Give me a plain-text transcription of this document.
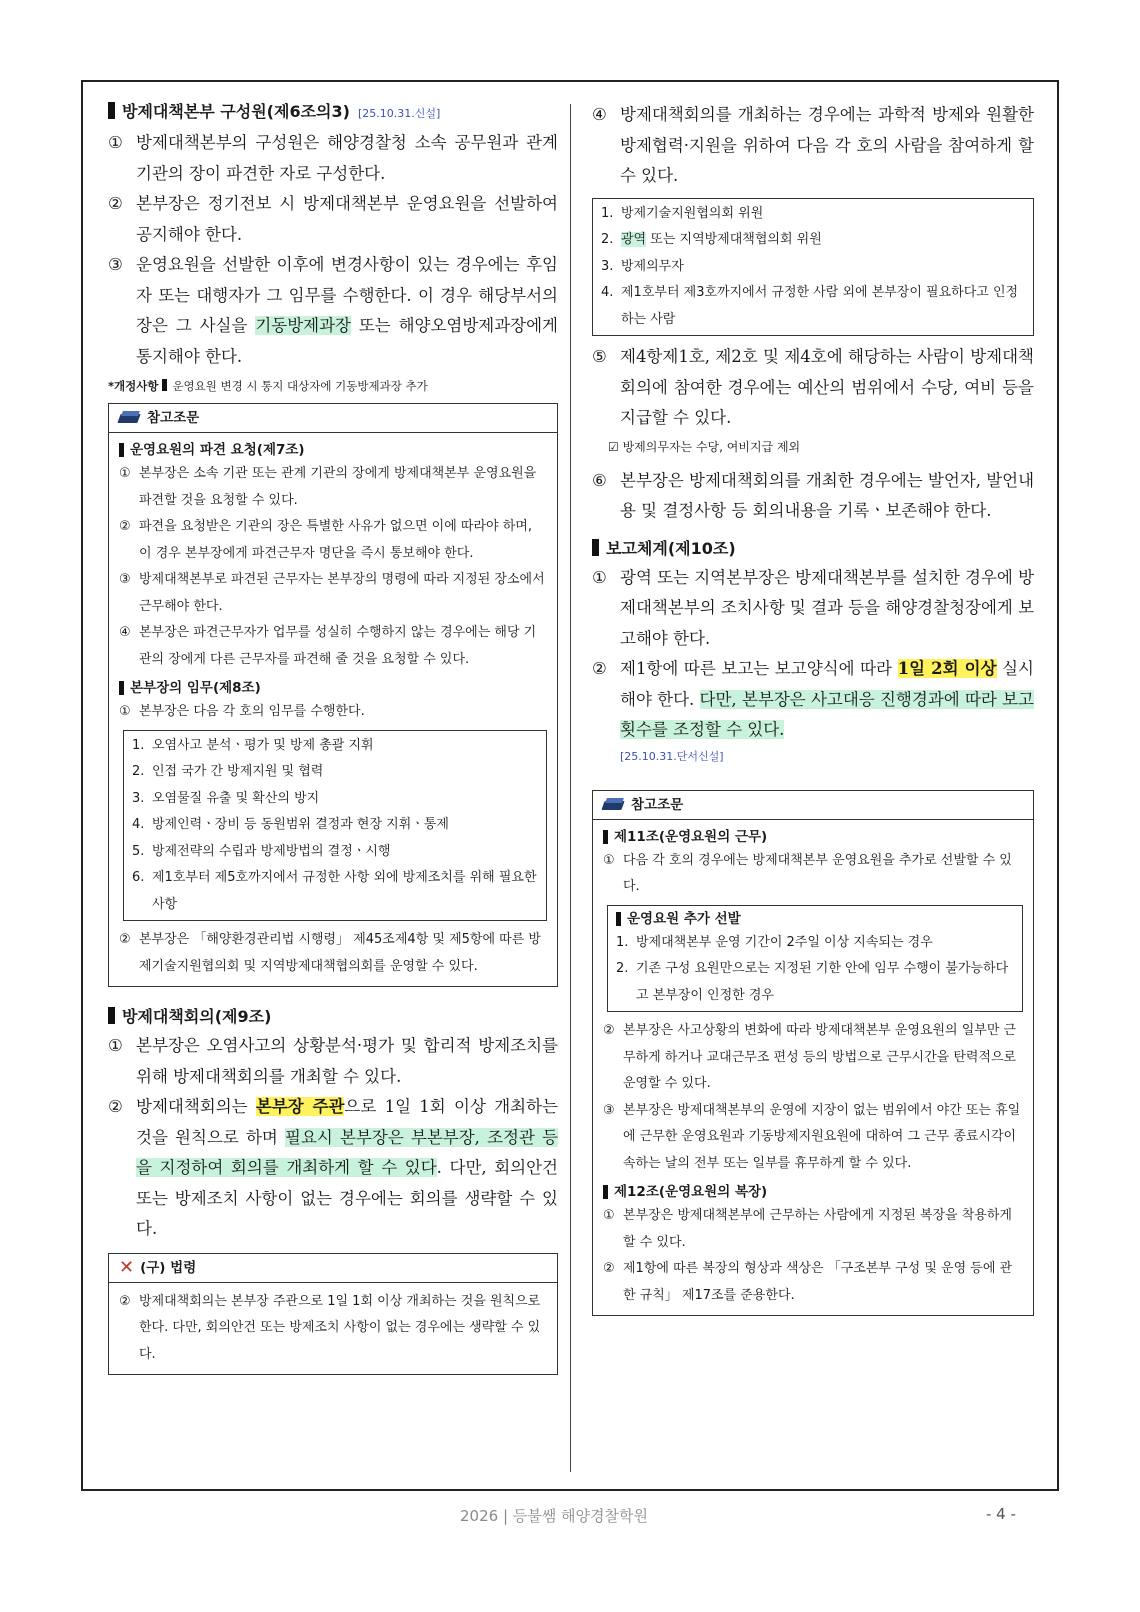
방제대책본부 구성원(제6조의3) [25.10.31.신설]
① 방제대책본부의 구성원은 해양경찰청 소속 공무원과 관계기관의 장이 파견한 자로 구성한다.
② 본부장은 정기전보 시 방제대책본부 운영요원을 선발하여 공지해야 한다.
③ 운영요원을 선발한 이후에 변경사항이 있는 경우에는 후임자 또는 대행자가 그 임무를 수행한다. 이 경우 해당부서의 장은 그 사실을 기동방제과장 또는 해양오염방제과장에게 통지해야 한다.
*개정사항 운영요원 변경 시 통지 대상자에 기동방제과장 추가
참고조문
운영요원의 파견 요청(제7조)
① 본부장은 소속 기관 또는 관계 기관의 장에게 방제대책본부 운영요원을 파견할 것을 요청할 수 있다.
② 파견을 요청받은 기관의 장은 특별한 사유가 없으면 이에 따라야 하며, 이 경우 본부장에게 파견근무자 명단을 즉시 통보해야 한다.
③ 방제대책본부로 파견된 근무자는 본부장의 명령에 따라 지정된 장소에서 근무해야 한다.
④ 본부장은 파견근무자가 업무를 성실히 수행하지 않는 경우에는 해당 기관의 장에게 다른 근무자를 파견해 줄 것을 요청할 수 있다.
본부장의 임무(제8조)
① 본부장은 다음 각 호의 임무를 수행한다.
1. 오염사고 분석ㆍ평가 및 방제 총괄 지휘
2. 인접 국가 간 방제지원 및 협력
3. 오염물질 유출 및 확산의 방지
4. 방제인력ㆍ장비 등 동원범위 결정과 현장 지휘ㆍ통제
5. 방제전략의 수립과 방제방법의 결정ㆍ시행
6. 제1호부터 제5호까지에서 규정한 사항 외에 방제조치를 위해 필요한 사항
② 본부장은 「해양환경관리법 시행령」 제45조제4항 및 제5항에 따른 방제기술지원협의회 및 지역방제대책협의회를 운영할 수 있다.
방제대책회의(제9조)
① 본부장은 오염사고의 상황분석·평가 및 합리적 방제조치를 위해 방제대책회의를 개최할 수 있다.
② 방제대책회의는 본부장 주관으로 1일 1회 이상 개최하는 것을 원칙으로 하며 필요시 본부장은 부본부장, 조정관 등을 지정하여 회의를 개최하게 할 수 있다. 다만, 회의안건 또는 방제조치 사항이 없는 경우에는 회의를 생략할 수 있다.
✕ (구) 법령
② 방제대책회의는 본부장 주관으로 1일 1회 이상 개최하는 것을 원칙으로 한다. 다만, 회의안건 또는 방제조치 사항이 없는 경우에는 생략할 수 있다.
④ 방제대책회의를 개최하는 경우에는 과학적 방제와 원활한 방제협력·지원을 위하여 다음 각 호의 사람을 참여하게 할 수 있다.
1. 방제기술지원협의회 위원
2. 광역 또는 지역방제대책협의회 위원
3. 방제의무자
4. 제1호부터 제3호까지에서 규정한 사람 외에 본부장이 필요하다고 인정하는 사람
⑤ 제4항제1호, 제2호 및 제4호에 해당하는 사람이 방제대책회의에 참여한 경우에는 예산의 범위에서 수당, 여비 등을 지급할 수 있다.
☑ 방제의무자는 수당, 여비지급 제외
⑥ 본부장은 방제대책회의를 개최한 경우에는 발언자, 발언내용 및 결정사항 등 회의내용을 기록ㆍ보존해야 한다.
보고체계(제10조)
① 광역 또는 지역본부장은 방제대책본부를 설치한 경우에 방제대책본부의 조치사항 및 결과 등을 해양경찰청장에게 보고해야 한다.
② 제1항에 따른 보고는 보고양식에 따라 1일 2회 이상 실시해야 한다. 다만, 본부장은 사고대응 진행경과에 따라 보고 횟수를 조정할 수 있다.
[25.10.31.단서신설]
참고조문
제11조(운영요원의 근무)
① 다음 각 호의 경우에는 방제대책본부 운영요원을 추가로 선발할 수 있다.
운영요원 추가 선발
1. 방제대책본부 운영 기간이 2주일 이상 지속되는 경우
2. 기존 구성 요원만으로는 지정된 기한 안에 임무 수행이 불가능하다고 본부장이 인정한 경우
② 본부장은 사고상황의 변화에 따라 방제대책본부 운영요원의 일부만 근무하게 하거나 교대근무조 편성 등의 방법으로 근무시간을 탄력적으로 운영할 수 있다.
③ 본부장은 방제대책본부의 운영에 지장이 없는 범위에서 야간 또는 휴일에 근무한 운영요원과 기동방제지원요원에 대하여 그 근무 종료시각이 속하는 날의 전부 또는 일부를 휴무하게 할 수 있다.
제12조(운영요원의 복장)
① 본부장은 방제대책본부에 근무하는 사람에게 지정된 복장을 착용하게 할 수 있다.
② 제1항에 따른 복장의 형상과 색상은 「구조본부 구성 및 운영 등에 관한 규칙」 제17조를 준용한다.
2026 | 등불쌤 해양경찰학원	- 4 -
